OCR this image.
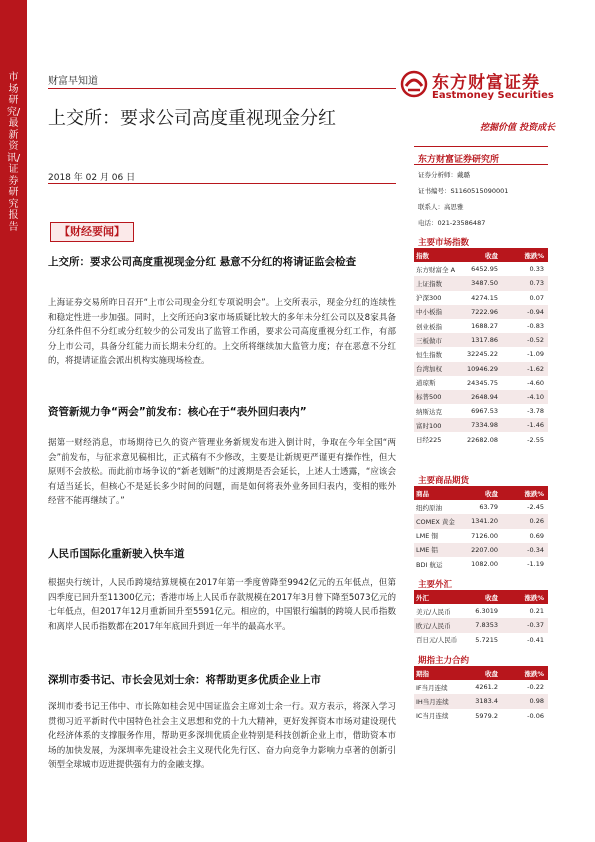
市场研究/最新资讯/证券研究报告
财富早知道
上交所：要求公司高度重视现金分红
2018 年 02 月 06 日
东方财富证券
Eastmoney Securities
挖掘价值 投资成长
【财经要闻】
上交所：要求公司高度重视现金分红 悬意不分红的将请证监会检查
上海证券交易所昨日召开“上市公司现金分红专项说明会”。上交所表示，现金分红的连续性和稳定性进一步加强。同时，上交所还向3家市场质疑比较大的多年未分红公司以及8家具备分红条件但不分红或分红较少的公司发出了监管工作函，要求公司高度重视分红工作，有部分上市公司，具备分红能力而长期未分红的。上交所将继续加大监管力度；存在恶意不分红的，将提请证监会派出机构实施现场检查。
资管新规力争“两会”前发布：核心在于“表外回归表内”
据第一财经消息，市场期待已久的资产管理业务新规发布进入倒计时，争取在今年全国“两会”前发布，与征求意见稿相比，正式稿有不少修改，主要是让新规更严谨更有操作性，但大原则不会放松。而此前市场争议的“新老划断”的过渡期是否会延长，上述人士透露，“应该会有适当延长，但核心不是延长多少时间的问题，而是如何将表外业务回归表内，变相的账外经营不能再继续了。”
人民币国际化重新驶入快车道
根据央行统计，人民币跨境结算规模在2017年第一季度曾降至9942亿元的五年低点，但第四季度已回升至11300亿元；香港市场上人民币存款规模在2017年3月曾下降至5073亿元的七年低点，但2017年12月重新回升至5591亿元。相应的，中国银行编制的跨境人民币指数和离岸人民币指数都在2017年年底回升到近一年半的最高水平。
深圳市委书记、市长会见刘士余：将帮助更多优质企业上市
深圳市委书记王伟中、市长陈如桂会见中国证监会主席刘士余一行。双方表示，将深入学习贯彻习近平新时代中国特色社会主义思想和党的十九大精神，更好发挥资本市场对建设现代化经济体系的支撑服务作用，帮助更多深圳优质企业特别是科技创新企业上市，借助资本市场的加快发展，为深圳率先建设社会主义现代化先行区、奋力向竞争力影响力卓著的创新引领型全球城市迈进提供强有力的金融支撑。
东方财富证券研究所
证券分析师：戴璐
证书编号：S1160515090001
联系人：高思雅
电话：021-23586487
主要市场指数
指数	收盘	涨跌%
东方财富全 A	6452.95	0.33
上证指数	3487.50	0.73
沪深300	4274.15	0.07
中小板指	7222.96	-0.94
创业板指	1688.27	-0.83
三板做市	1317.86	-0.52
恒生指数	32245.22	-1.09
台湾加权	10946.29	-1.62
道琼斯	24345.75	-4.60
标普500	2648.94	-4.10
纳斯达克	6967.53	-3.78
富时100	7334.98	-1.46
日经225	22682.08	-2.55
主要商品期货
商品	收盘	涨跌%
纽约原油	63.79	-2.45
COMEX 黄金	1341.20	0.26
LME 铜	7126.00	0.69
LME 铝	2207.00	-0.34
BDI 航运	1082.00	-1.19
主要外汇
外汇	收盘	涨跌%
美元/人民币	6.3019	0.21
欧元/人民币	7.8353	-0.37
百日元/人民币	5.7215	-0.41
期指主力合约
期指	收盘	涨跌%
IF当月连续	4261.2	-0.22
IH当月连续	3183.4	0.98
IC当月连续	5979.2	-0.06
